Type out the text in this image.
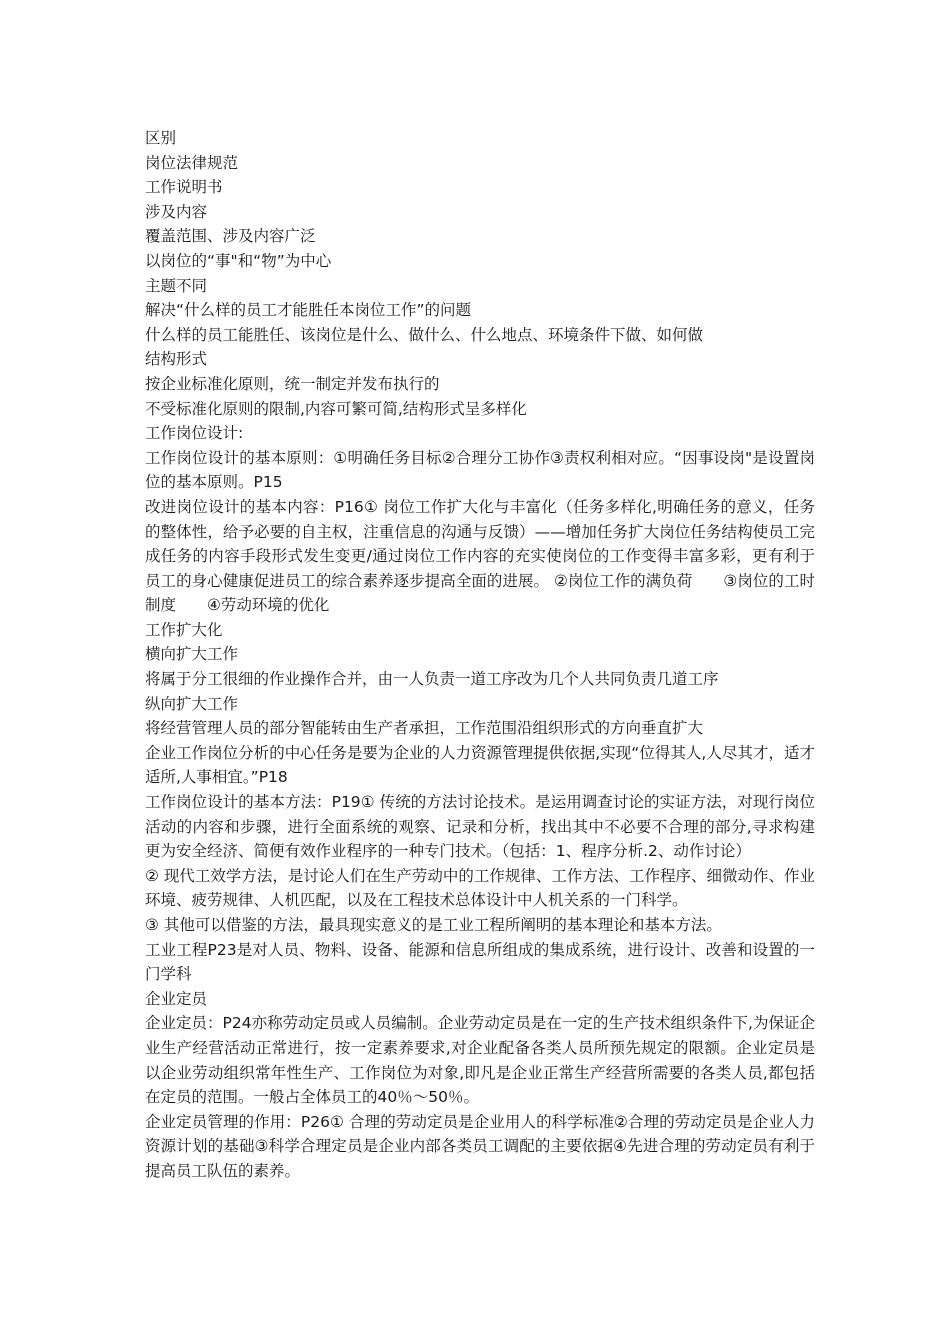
区别

岗位法律规范

工作说明书

涉及内容

覆盖范围、涉及内容广泛

以岗位的“事"和“物”为中心

主题不同

解决“什么样的员工才能胜任本岗位工作”的问题

什么样的员工能胜任、该岗位是什么、做什么、什么地点、环境条件下做、如何做

结构形式

按企业标准化原则，统一制定并发布执行的

不受标准化原则的限制,内容可繁可简,结构形式呈多样化

工作岗位设计:

工作岗位设计的基本原则：①明确任务目标②合理分工协作③责权利相对应。“因事设岗"是设置岗位的基本原则。P15

改进岗位设计的基本内容：P16① 岗位工作扩大化与丰富化（任务多样化,明确任务的意义，任务的整体性，给予必要的自主权，注重信息的沟通与反馈）——增加任务扩大岗位任务结构使员工完成任务的内容手段形式发生变更/通过岗位工作内容的充实使岗位的工作变得丰富多彩，更有利于员工的身心健康促进员工的综合素养逐步提高全面的进展。 ②岗位工作的满负荷　　③岗位的工时制度　　④劳动环境的优化

工作扩大化

横向扩大工作

将属于分工很细的作业操作合并，由一人负责一道工序改为几个人共同负责几道工序

纵向扩大工作

将经营管理人员的部分智能转由生产者承担，工作范围沿组织形式的方向垂直扩大

企业工作岗位分析的中心任务是要为企业的人力资源管理提供依据,实现“位得其人,人尽其才，适才适所,人事相宜。”P18

工作岗位设计的基本方法：P19① 传统的方法讨论技术。是运用调查讨论的实证方法，对现行岗位活动的内容和步骤，进行全面系统的观察、记录和分析，找出其中不必要不合理的部分,寻求构建更为安全经济、简便有效作业程序的一种专门技术。（包括：1、程序分析.2、动作讨论）

② 现代工效学方法，是讨论人们在生产劳动中的工作规律、工作方法、工作程序、细微动作、作业环境、疲劳规律、人机匹配，以及在工程技术总体设计中人机关系的一门科学。

③ 其他可以借鉴的方法，最具现实意义的是工业工程所阐明的基本理论和基本方法。

工业工程P23是对人员、物料、设备、能源和信息所组成的集成系统，进行设计、改善和设置的一门学科

企业定员

企业定员：P24亦称劳动定员或人员编制。企业劳动定员是在一定的生产技术组织条件下,为保证企业生产经营活动正常进行，按一定素养要求,对企业配备各类人员所预先规定的限额。企业定员是以企业劳动组织常年性生产、工作岗位为对象,即凡是企业正常生产经营所需要的各类人员,都包括在定员的范围。一般占全体员工的40％～50％。

企业定员管理的作用：P26① 合理的劳动定员是企业用人的科学标准②合理的劳动定员是企业人力资源计划的基础③科学合理定员是企业内部各类员工调配的主要依据④先进合理的劳动定员有利于提高员工队伍的素养。
